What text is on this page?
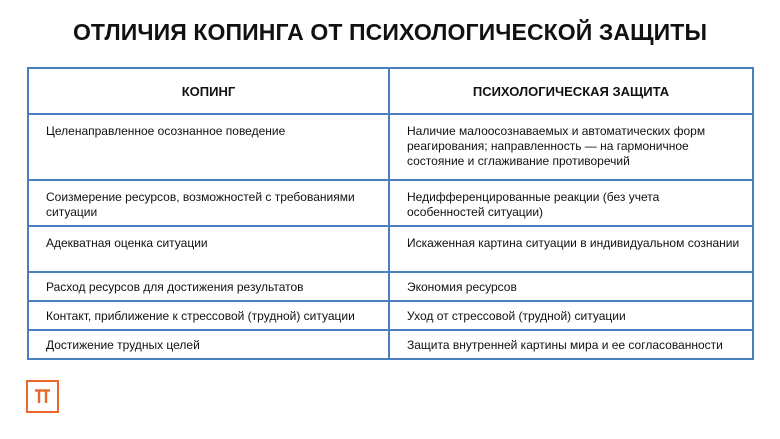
ОТЛИЧИЯ КОПИНГА ОТ ПСИХОЛОГИЧЕСКОЙ ЗАЩИТЫ
КОПИНГ	ПСИХОЛОГИЧЕСКАЯ ЗАЩИТА
Целенаправленное осознанное поведение	Наличие малоосознаваемых и автоматических форм реагирования; направленность — на гармоничное состояние и сглаживание противоречий
Соизмерение ресурсов, возможностей с требованиями ситуации	Недифференцированные реакции (без учета особенностей ситуации)
Адекватная оценка ситуации	Искаженная картина ситуации в индивидуальном сознании
Расход ресурсов для достижения результатов	Экономия ресурсов
Контакт, приближение к стрессовой (трудной) ситуации	Уход от стрессовой (трудной) ситуации
Достижение трудных целей	Защита внутренней картины мира и ее согласованности
